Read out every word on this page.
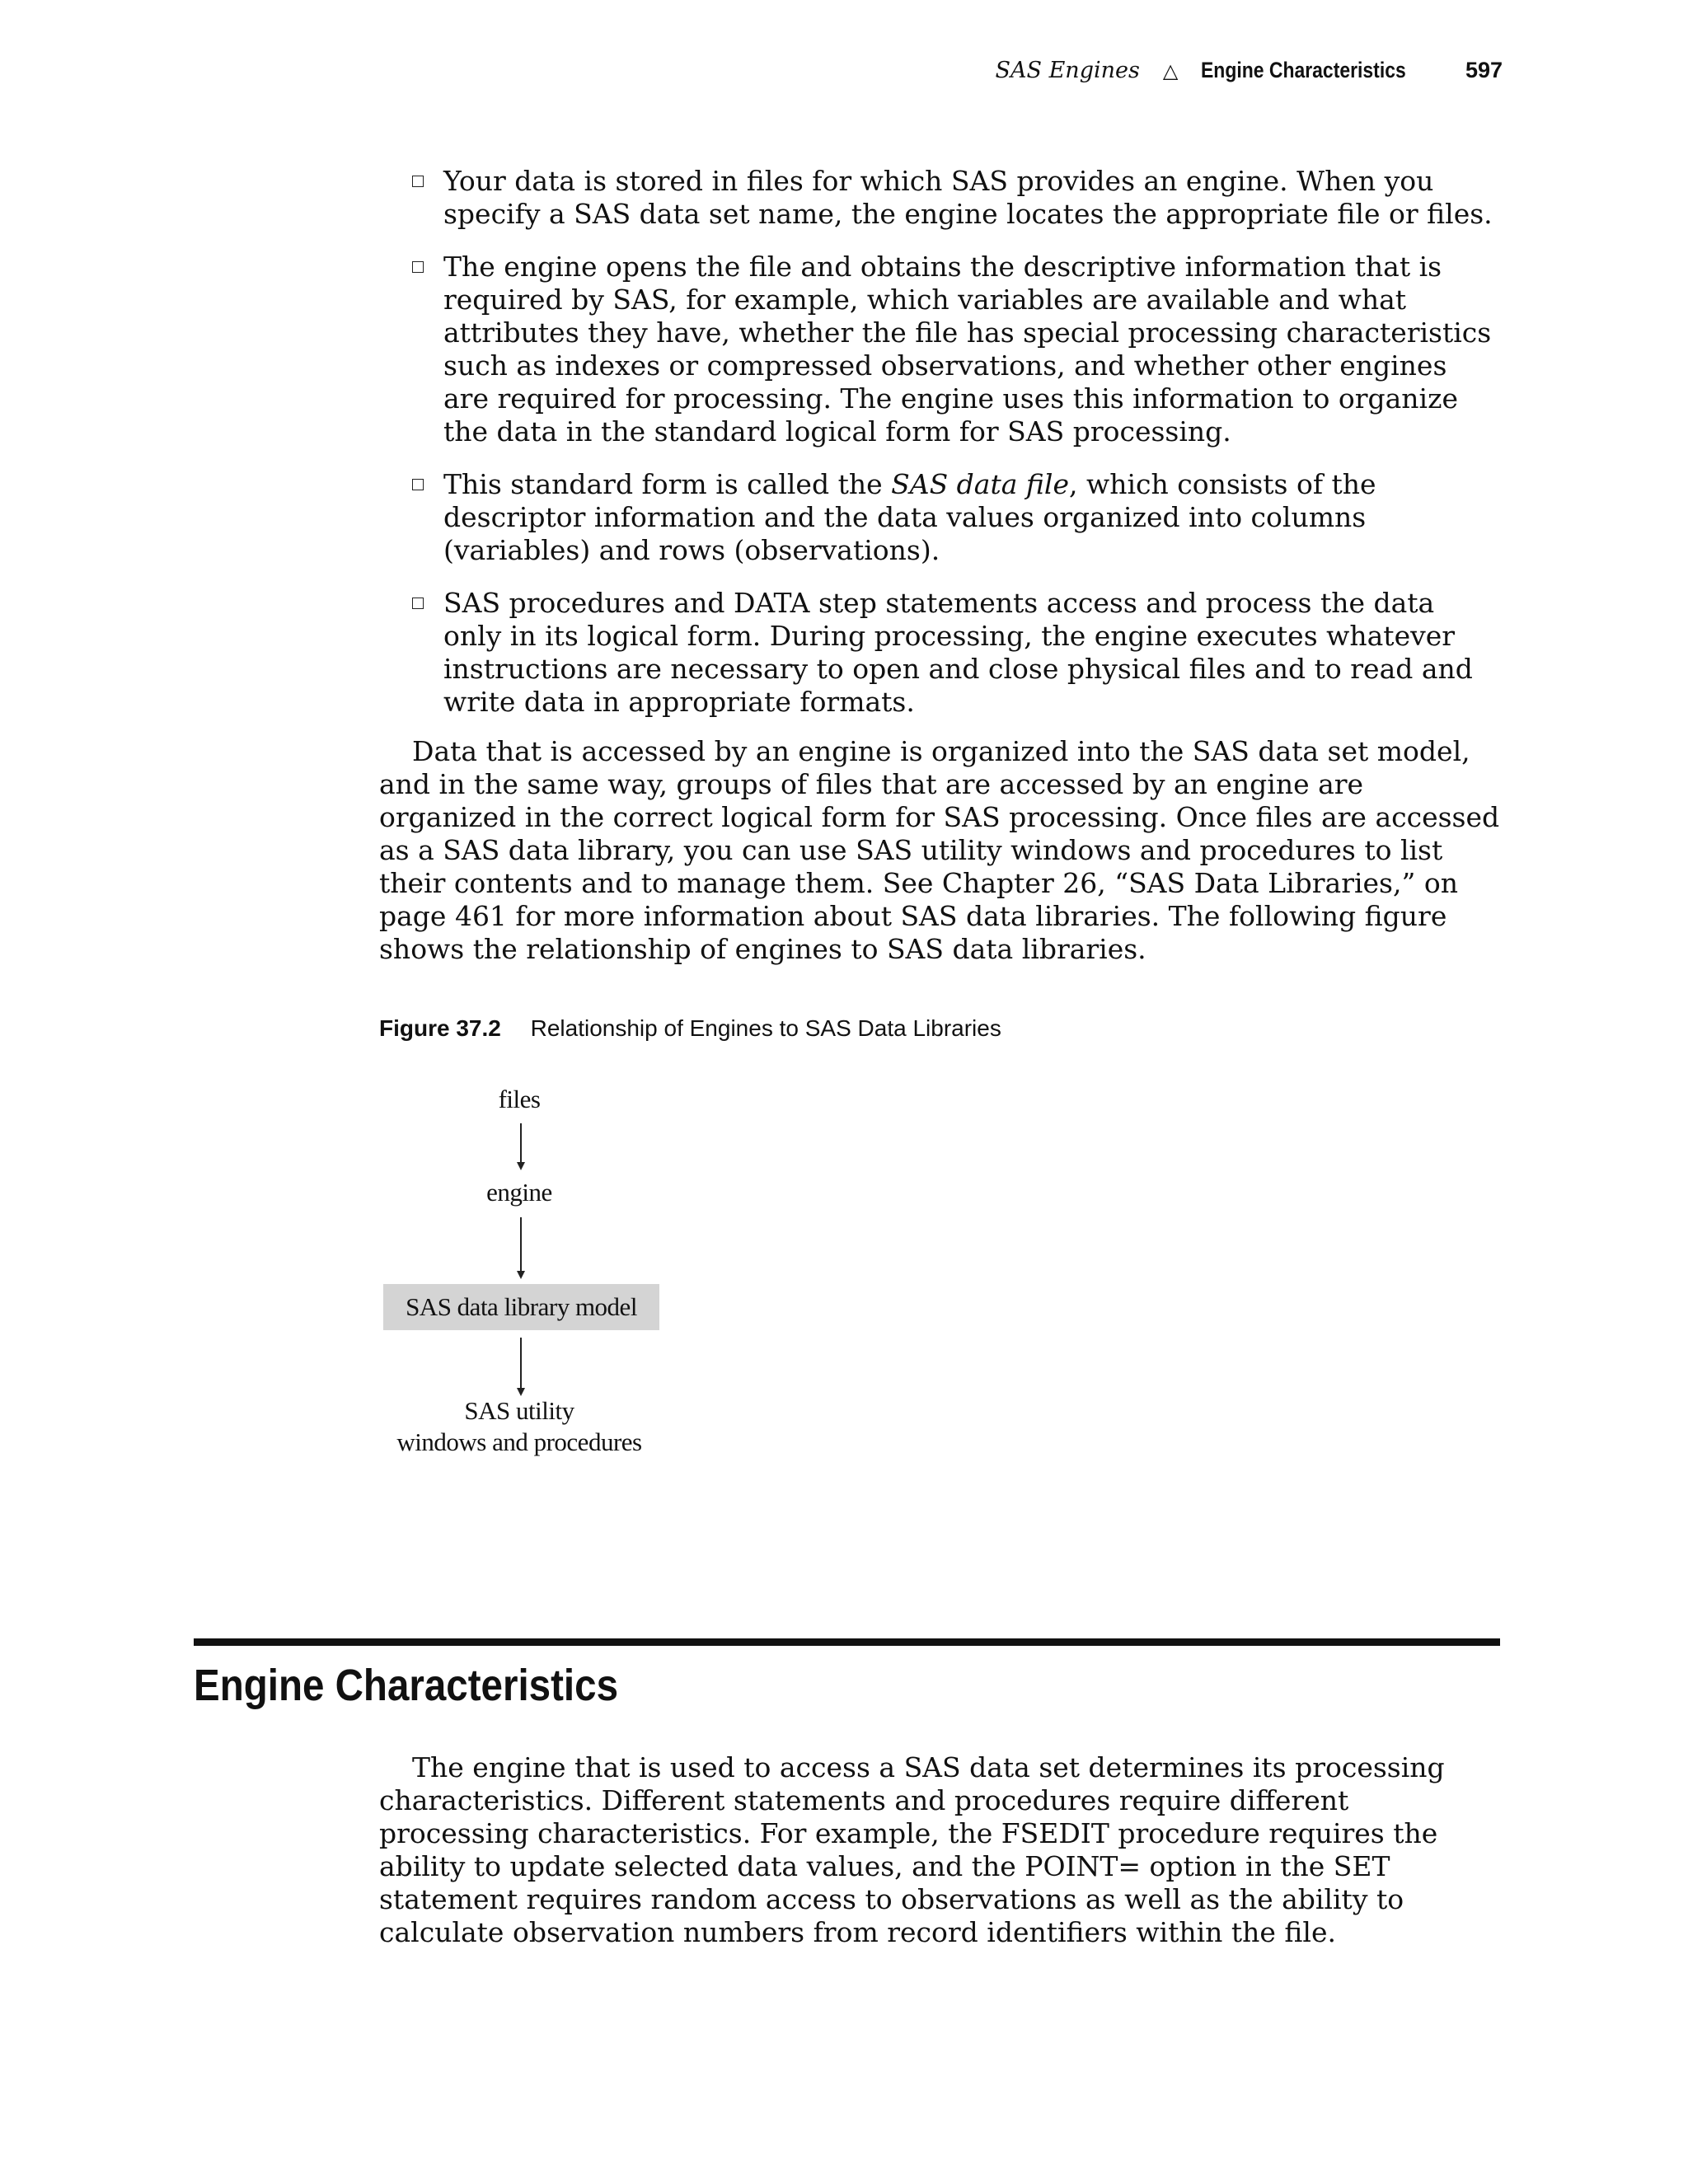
SAS Engines △ Engine Characteristics	597
Your data is stored in files for which SAS provides an engine. When you specify a SAS data set name, the engine locates the appropriate file or files.
The engine opens the file and obtains the descriptive information that is required by SAS, for example, which variables are available and what attributes they have, whether the file has special processing characteristics such as indexes or compressed observations, and whether other engines are required for processing. The engine uses this information to organize the data in the standard logical form for SAS processing.
This standard form is called the SAS data file, which consists of the descriptor information and the data values organized into columns (variables) and rows (observations).
SAS procedures and DATA step statements access and process the data only in its logical form. During processing, the engine executes whatever instructions are necessary to open and close physical files and to read and write data in appropriate formats.

Data that is accessed by an engine is organized into the SAS data set model, and in the same way, groups of files that are accessed by an engine are organized in the correct logical form for SAS processing. Once files are accessed as a SAS data library, you can use SAS utility windows and procedures to list their contents and to manage them. See Chapter 26, “SAS Data Libraries,” on page 461 for more information about SAS data libraries. The following figure shows the relationship of engines to SAS data libraries.

Figure 37.2 Relationship of Engines to SAS Data Libraries
files
engine
SAS data library model
SAS utility
windows and procedures
Engine Characteristics

The engine that is used to access a SAS data set determines its processing characteristics. Different statements and procedures require different processing characteristics. For example, the FSEDIT procedure requires the ability to update selected data values, and the POINT= option in the SET statement requires random access to observations as well as the ability to calculate observation numbers from record identifiers within the file.
